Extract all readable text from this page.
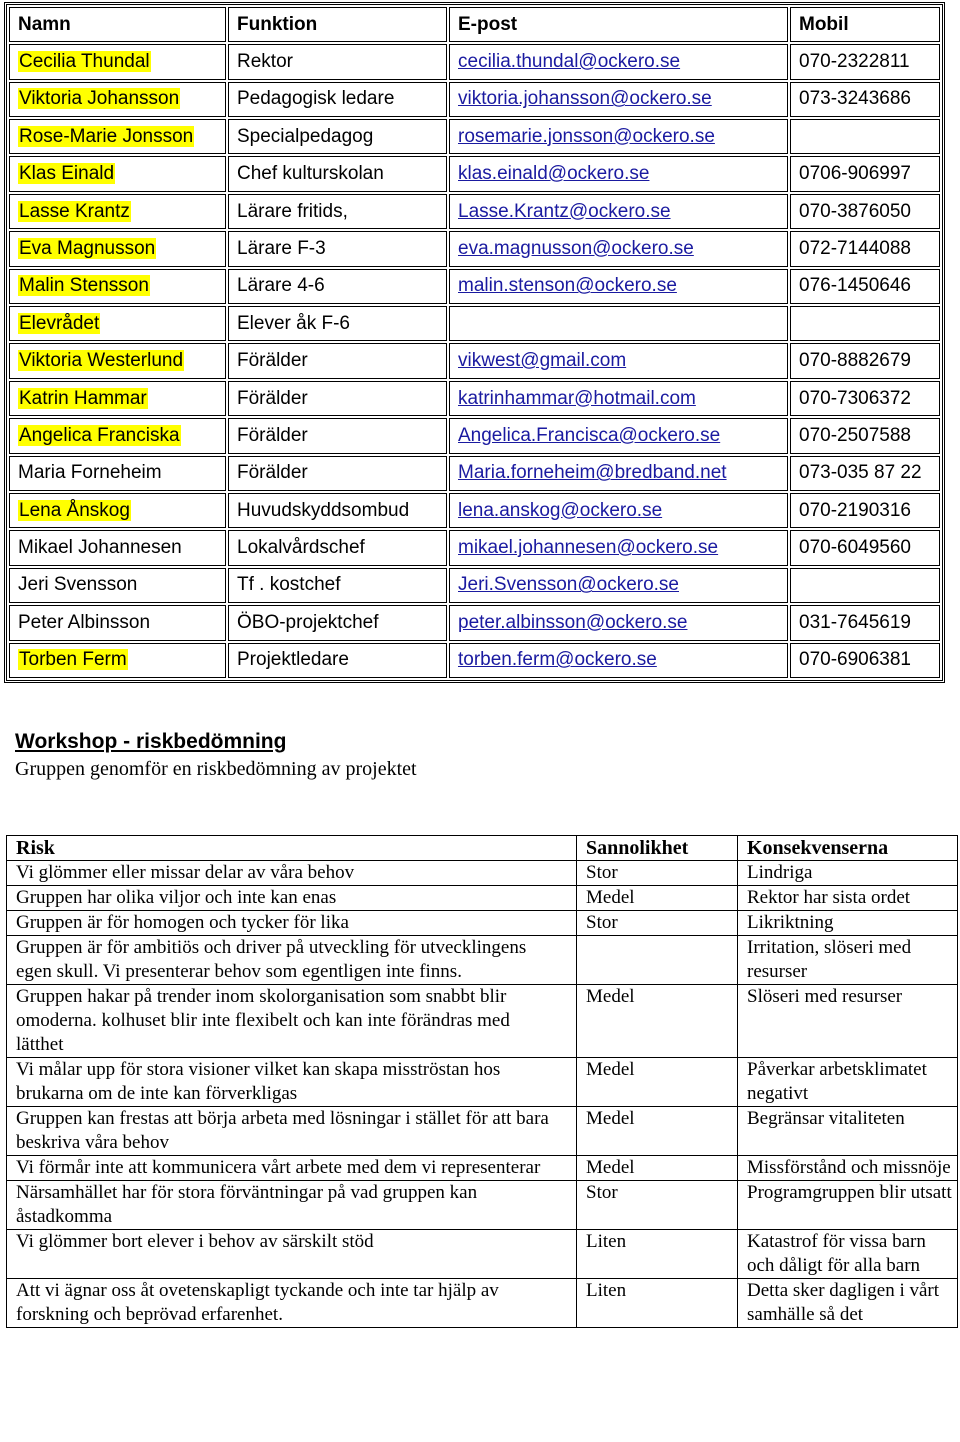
Namn	Funktion	E-post	Mobil
Cecilia Thundal	Rektor	cecilia.thundal@ockero.se	070-2322811
Viktoria Johansson	Pedagogisk ledare	viktoria.johansson@ockero.se	073-3243686
Rose-Marie Jonsson	Specialpedagog	rosemarie.jonsson@ockero.se	
Klas Einald	Chef kulturskolan	klas.einald@ockero.se	0706-906997
Lasse Krantz	Lärare fritids,	Lasse.Krantz@ockero.se	070-3876050
Eva Magnusson	Lärare F-3	eva.magnusson@ockero.se	072-7144088
Malin Stensson	Lärare 4-6	malin.stenson@ockero.se	076-1450646
Elevrådet	Elever åk F-6		
Viktoria Westerlund	Förälder	vikwest@gmail.com	070-8882679
Katrin Hammar	Förälder	katrinhammar@hotmail.com	070-7306372
Angelica Franciska	Förälder	Angelica.Francisca@ockero.se	070-2507588
Maria Forneheim	Förälder	Maria.forneheim@bredband.net	073-035 87 22
Lena Ånskog	Huvudskyddsombud	lena.anskog@ockero.se	070-2190316
Mikael Johannesen	Lokalvårdschef	mikael.johannesen@ockero.se	070-6049560
Jeri Svensson	Tf . kostchef	Jeri.Svensson@ockero.se	
Peter Albinsson	ÖBO-projektchef	peter.albinsson@ockero.se	031-7645619
Torben Ferm	Projektledare	torben.ferm@ockero.se	070-6906381
Workshop - riskbedömning
Gruppen genomför en riskbedömning av projektet
Risk	Sannolikhet	Konsekvenserna
Vi glömmer eller missar delar av våra behov	Stor	Lindriga
Gruppen har olika viljor och inte kan enas	Medel	Rektor har sista ordet
Gruppen är för homogen och tycker för lika	Stor	Likriktning
Gruppen är för ambitiös och driver på utveckling för utvecklingens egen skull. Vi presenterar behov som egentligen inte finns.		Irritation, slöseri med resurser
Gruppen hakar på trender inom skolorganisation som snabbt blir omoderna. kolhuset blir inte flexibelt och kan inte förändras med lätthet	Medel	Slöseri med resurser
Vi målar upp för stora visioner vilket kan skapa misströstan hos brukarna om de inte kan förverkligas	Medel	Påverkar arbetsklimatet negativt
Gruppen kan frestas att börja arbeta med lösningar i stället för att bara beskriva våra behov	Medel	Begränsar vitaliteten
Vi förmår inte att kommunicera vårt arbete med dem vi representerar	Medel	Missförstånd och missnöje
Närsamhället har för stora förväntningar på vad gruppen kan åstadkomma	Stor	Programgruppen blir utsatt
Vi glömmer bort elever i behov av särskilt stöd	Liten	Katastrof för vissa barn och dåligt för alla barn
Att vi ägnar oss åt ovetenskapligt tyckande och inte tar hjälp av forskning och beprövad erfarenhet.	Liten	Detta sker dagligen i vårt samhälle så det
